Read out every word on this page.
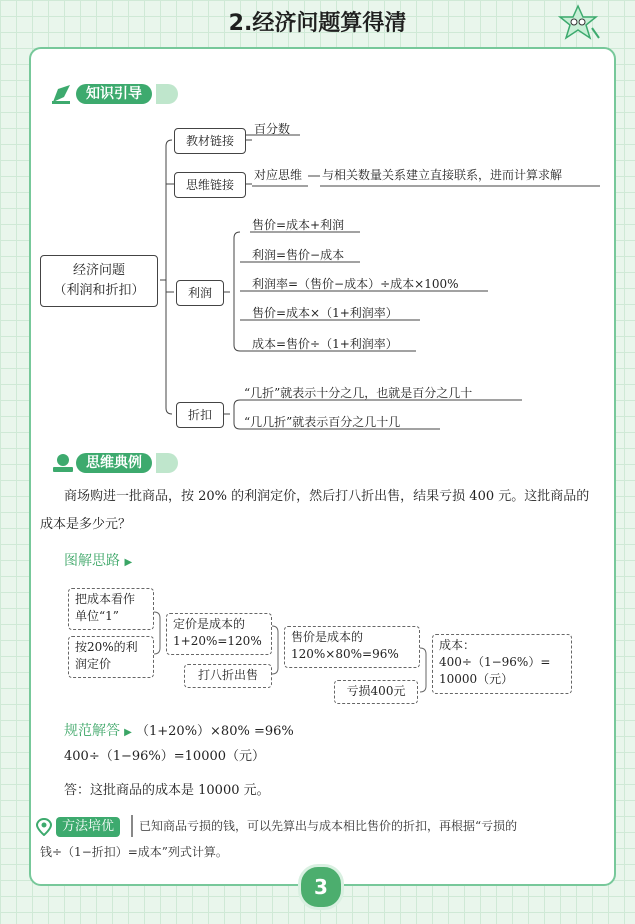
2.经济问题算得清
知识引导
经济问题
（利润和折扣）
教材链接
百分数
思维链接
对应思维 与相关数量关系建立直接联系，进而计算求解
利润
售价=成本+利润
利润=售价−成本
利润率=（售价−成本）÷成本×100%
售价=成本×（1+利润率）
成本=售价÷（1+利润率）
折扣
“几折”就表示十分之几，也就是百分之几十
“几几折”就表示百分之几十几
思维典例
商场购进一批商品，按 20% 的利润定价，然后打八折出售，结果亏损 400 元。这批商品的
成本是多少元？
图解思路 ▶
把成本看作
单位“1”
按20%的利
润定价
定价是成本的
1+20%=120%
打八折出售
售价是成本的
120%×80%=96%
亏损400元
成本：
400÷（1−96%）=
10000（元）
规范解答 ▶ （1+20%）×80% =96%
400÷（1−96%）=10000（元）
答：这批商品的成本是 10000 元。
方法培优	已知商品亏损的钱，可以先算出与成本相比售价的折扣，再根据“亏损的
钱÷（1−折扣）=成本”列式计算。
3
